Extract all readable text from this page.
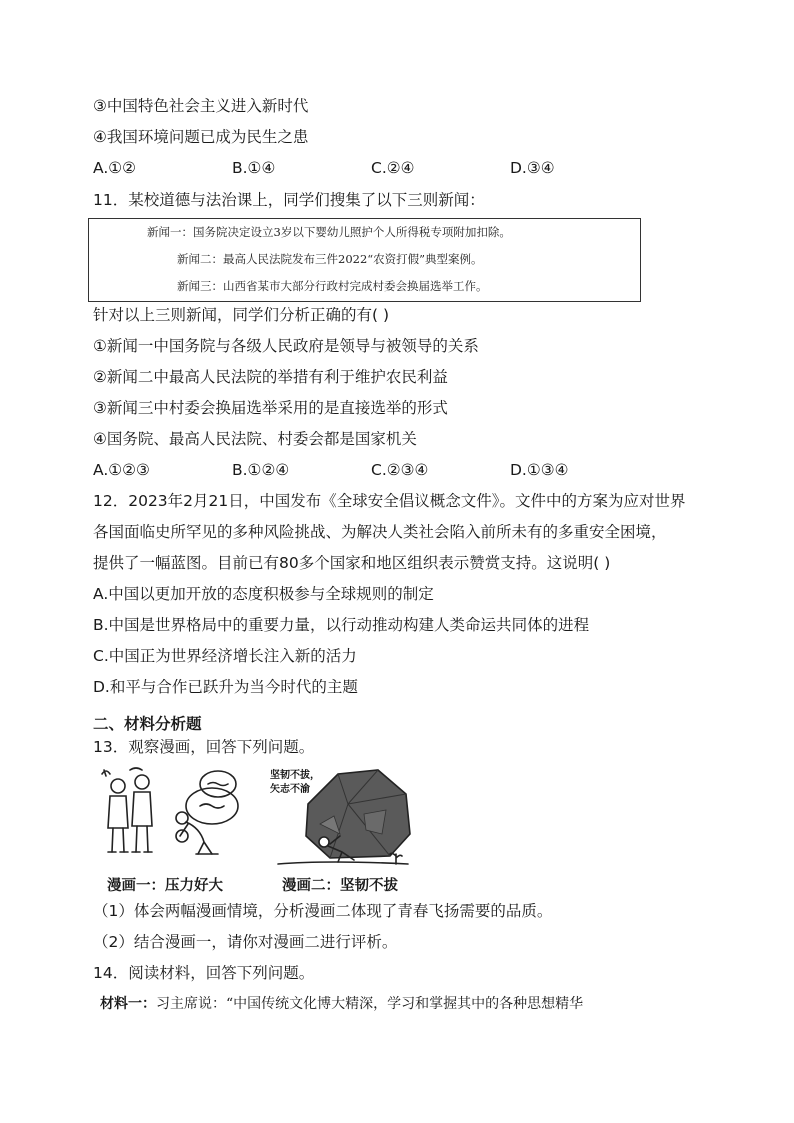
③中国特色社会主义进入新时代
④我国环境问题已成为民生之患
A.①②	B.①④	C.②④	D.③④
11．某校道德与法治课上，同学们搜集了以下三则新闻：
新闻一：国务院决定设立3岁以下婴幼儿照护个人所得税专项附加扣除。
新闻二：最高人民法院发布三件2022“农资打假”典型案例。
新闻三：山西省某市大部分行政村完成村委会换届选举工作。
针对以上三则新闻，同学们分析正确的有( )
①新闻一中国务院与各级人民政府是领导与被领导的关系
②新闻二中最高人民法院的举措有利于维护农民利益
③新闻三中村委会换届选举采用的是直接选举的形式
④国务院、最高人民法院、村委会都是国家机关
A.①②③	B.①②④	C.②③④	D.①③④
12．2023年2月21日，中国发布《全球安全倡议概念文件》。文件中的方案为应对世界
各国面临史所罕见的多种风险挑战、为解决人类社会陷入前所未有的多重安全困境，
提供了一幅蓝图。目前已有80多个国家和地区组织表示赞赏支持。这说明( )
A.中国以更加开放的态度积极参与全球规则的制定
B.中国是世界格局中的重要力量，以行动推动构建人类命运共同体的进程
C.中国正为世界经济增长注入新的活力
D.和平与合作已跃升为当今时代的主题
二、材料分析题
13．观察漫画，回答下列问题。
漫画一：压力好大
坚韧不拔，
矢志不渝
漫画二：坚韧不拔
（1）体会两幅漫画情境，分析漫画二体现了青春飞扬需要的品质。
（2）结合漫画一，请你对漫画二进行评析。
14．阅读材料，回答下列问题。
材料一：习主席说：“中国传统文化博大精深，学习和掌握其中的各种思想精华
